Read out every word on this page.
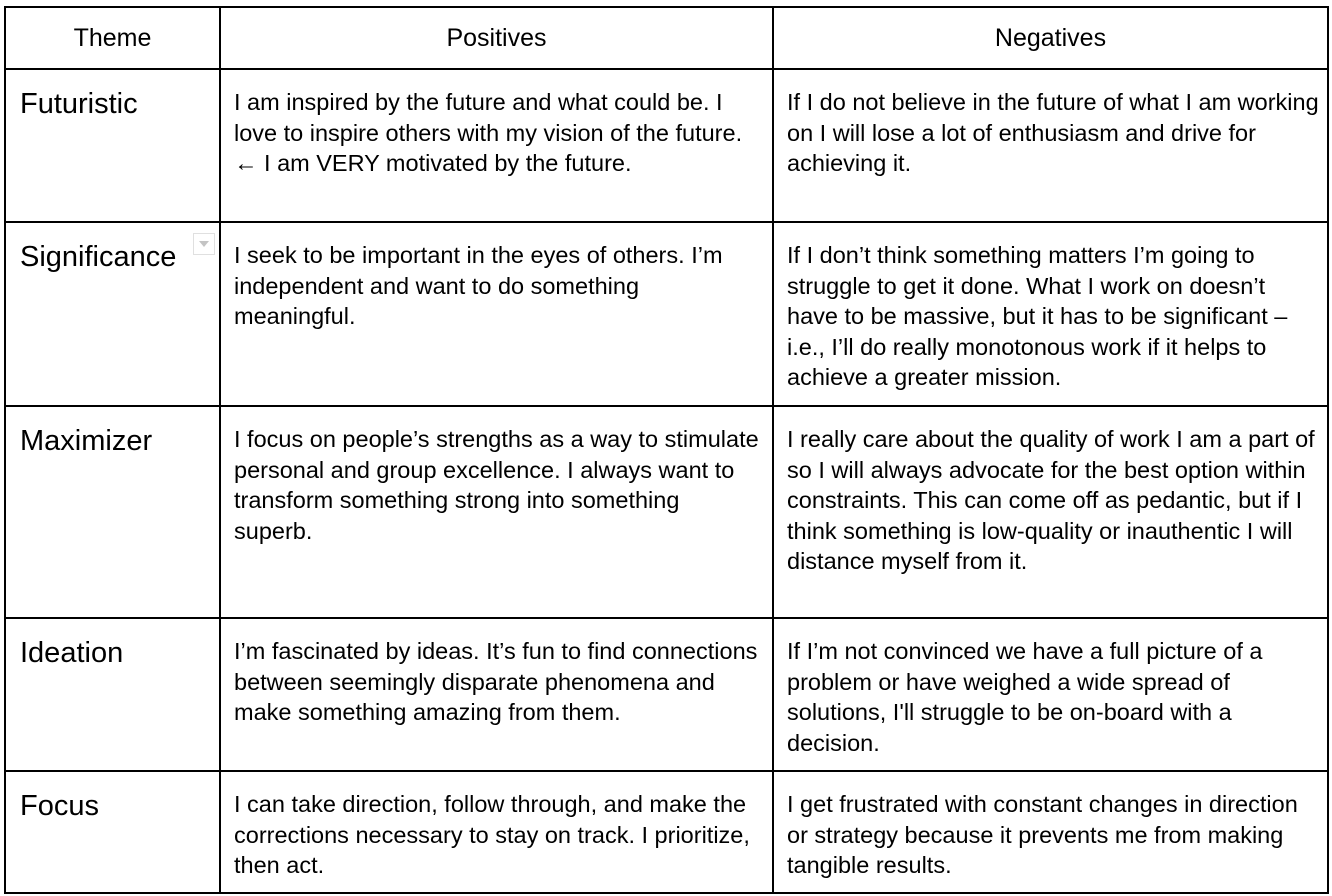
Theme	Positives	Negatives
Futuristic	I am inspired by the future and what could be. I love to inspire others with my vision of the future. ← I am VERY motivated by the future.	If I do not believe in the future of what I am working on I will lose a lot of enthusiasm and drive for achieving it.
Significance	I seek to be important in the eyes of others. I’m independent and want to do something meaningful.	If I don’t think something matters I’m going to struggle to get it done. What I work on doesn’t have to be massive, but it has to be significant – i.e., I’ll do really monotonous work if it helps to achieve a greater mission.
Maximizer	I focus on people’s strengths as a way to stimulate personal and group excellence. I always want to transform something strong into something superb.	I really care about the quality of work I am a part of so I will always advocate for the best option within constraints. This can come off as pedantic, but if I think something is low-quality or inauthentic I will distance myself from it.
Ideation	I’m fascinated by ideas. It’s fun to find connections between seemingly disparate phenomena and make something amazing from them.	If I’m not convinced we have a full picture of a problem or have weighed a wide spread of solutions, I'll struggle to be on-board with a decision.
Focus	I can take direction, follow through, and make the corrections necessary to stay on track. I prioritize, then act.	I get frustrated with constant changes in direction or strategy because it prevents me from making tangible results.
